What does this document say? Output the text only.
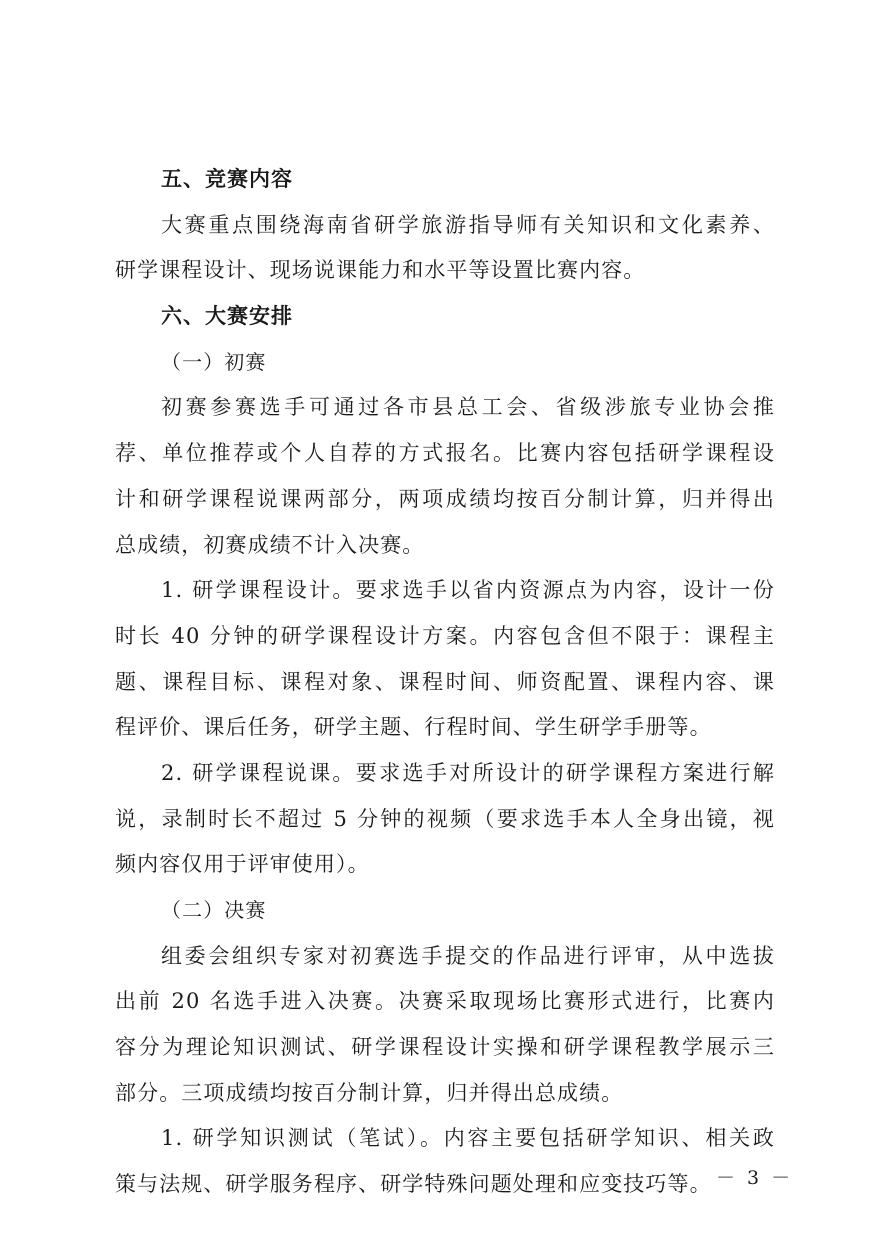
五、竞赛内容
大赛重点围绕海南省研学旅游指导师有关知识和文化素养、
研学课程设计、现场说课能力和水平等设置比赛内容。
六、大赛安排
（一）初赛
初赛参赛选手可通过各市县总工会、省级涉旅专业协会推
荐、单位推荐或个人自荐的方式报名。比赛内容包括研学课程设
计和研学课程说课两部分，两项成绩均按百分制计算，归并得出
总成绩，初赛成绩不计入决赛。
1. 研学课程设计。要求选手以省内资源点为内容，设计一份
时长 40 分钟的研学课程设计方案。内容包含但不限于：课程主
题、课程目标、课程对象、课程时间、师资配置、课程内容、课
程评价、课后任务，研学主题、行程时间、学生研学手册等。
2. 研学课程说课。要求选手对所设计的研学课程方案进行解
说，录制时长不超过 5 分钟的视频（要求选手本人全身出镜，视
频内容仅用于评审使用）。
（二）决赛
组委会组织专家对初赛选手提交的作品进行评审，从中选拔
出前 20 名选手进入决赛。决赛采取现场比赛形式进行，比赛内
容分为理论知识测试、研学课程设计实操和研学课程教学展示三
部分。三项成绩均按百分制计算，归并得出总成绩。
1. 研学知识测试（笔试）。内容主要包括研学知识、相关政
策与法规、研学服务程序、研学特殊问题处理和应变技巧等。 － 3 －
